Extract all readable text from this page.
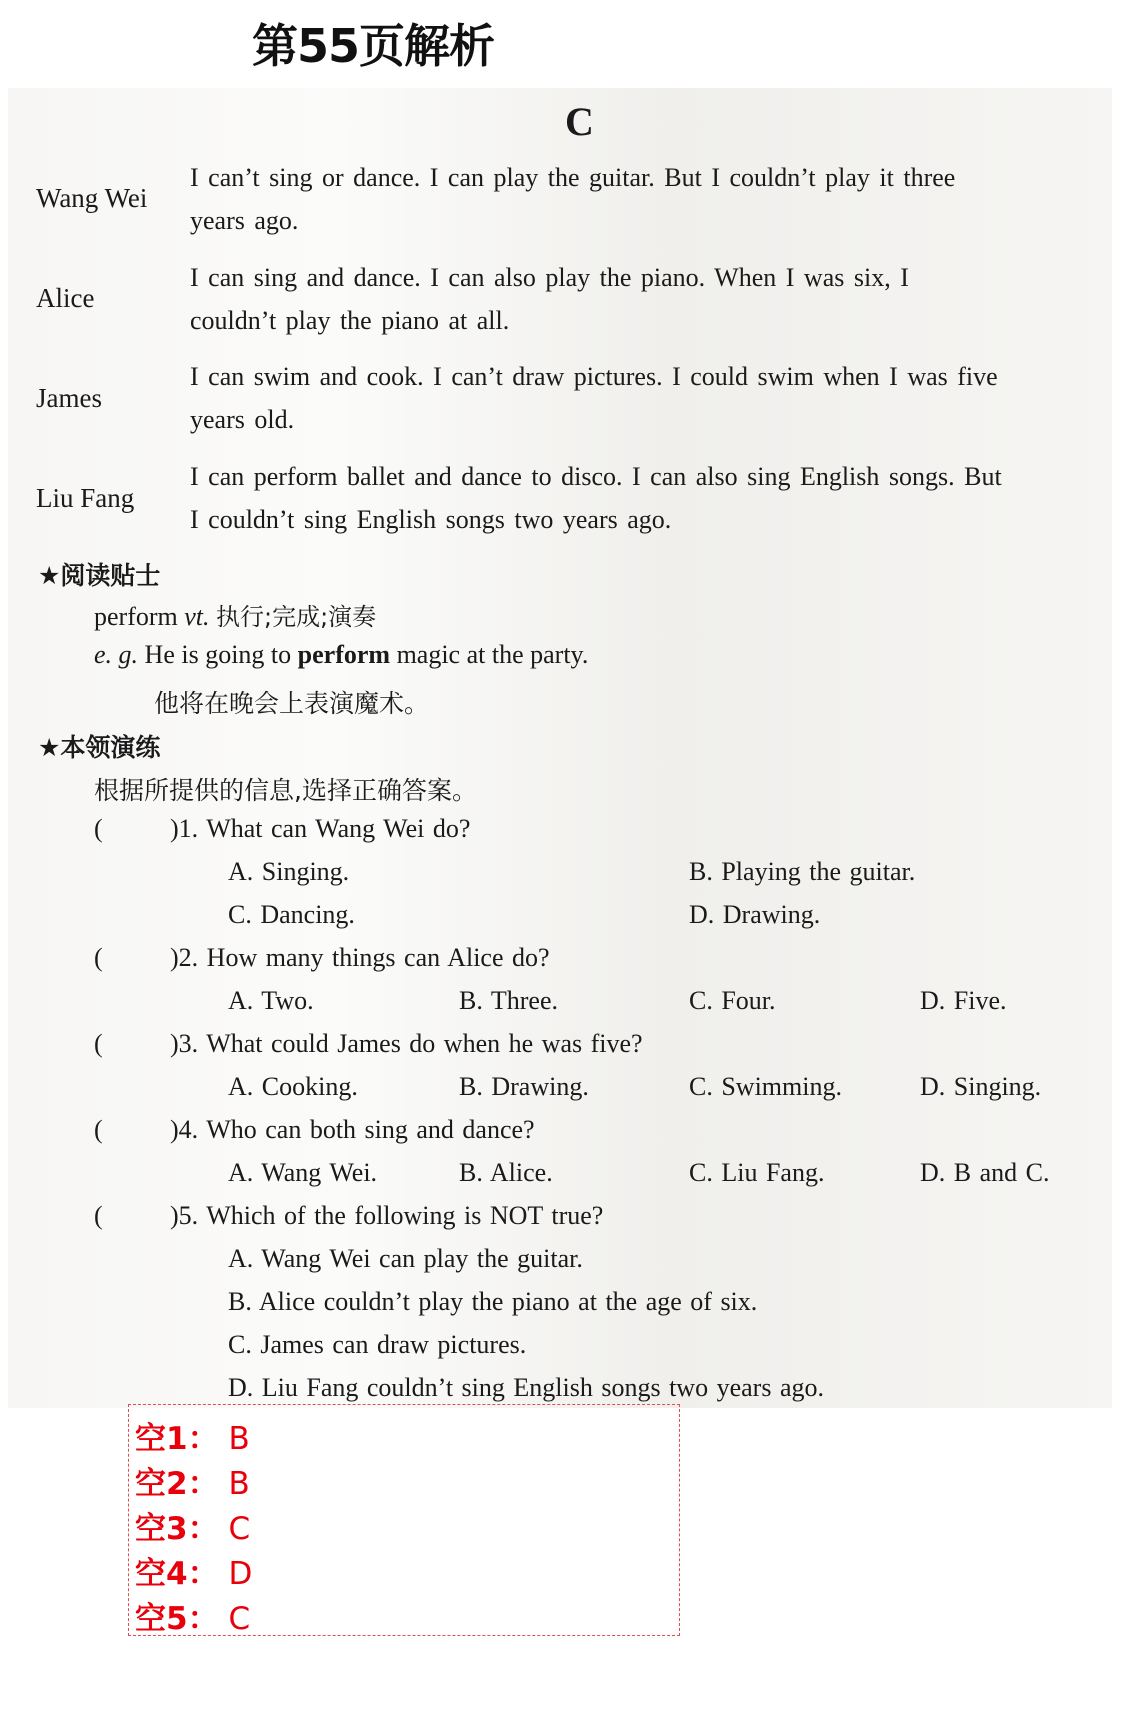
第55页解析
C
Wang Wei
I can’t sing or dance. I can play the guitar. But I couldn’t play it three
years ago.
Alice
I can sing and dance. I can also play the piano. When I was six, I
couldn’t play the piano at all.
James
I can swim and cook. I can’t draw pictures. I could swim when I was five
years old.
Liu Fang
I can perform ballet and dance to disco. I can also sing English songs. But
I couldn’t sing English songs two years ago.
★阅读贴士
perform vt. 执行;完成;演奏
e. g. He is going to perform magic at the party.
他将在晚会上表演魔术。
★本领演练
根据所提供的信息,选择正确答案。
(	)1. What can Wang Wei do?
A. Singing.	B. Playing the guitar.
C. Dancing.	D. Drawing.
(	)2. How many things can Alice do?
A. Two.	B. Three.	C. Four.	D. Five.
(	)3. What could James do when he was five?
A. Cooking.	B. Drawing.	C. Swimming.	D. Singing.
(	)4. Who can both sing and dance?
A. Wang Wei.	B. Alice.	C. Liu Fang.	D. B and C.
(	)5. Which of the following is NOT true?
A. Wang Wei can play the guitar.
B. Alice couldn’t play the piano at the age of six.
C. James can draw pictures.
D. Liu Fang couldn’t sing English songs two years ago.
空1： B
空2： B
空3： C
空4： D
空5： C
